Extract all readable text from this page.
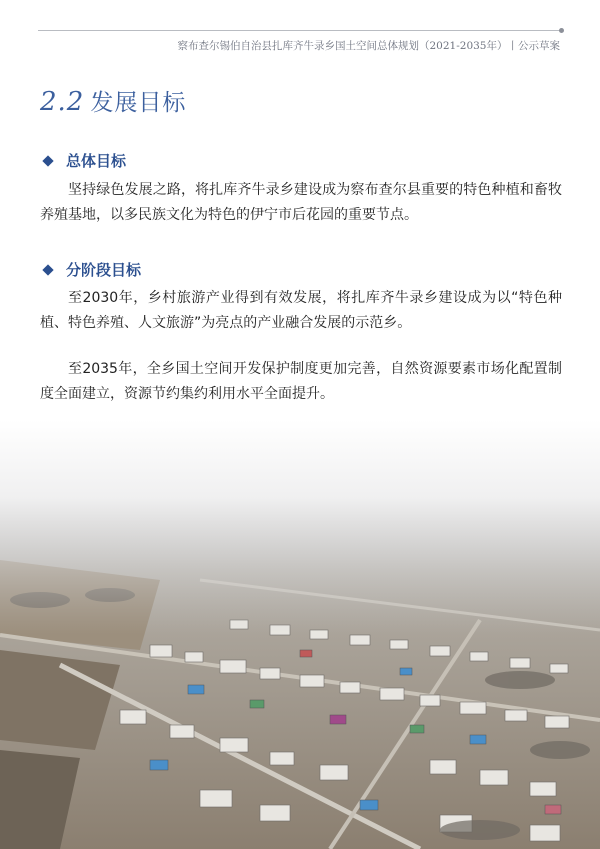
察布查尔锡伯自治县扎库齐牛录乡国土空间总体规划（2021-2035年）丨公示草案
2.2 发展目标
总体目标

坚持绿色发展之路，将扎库齐牛录乡建设成为察布查尔县重要的特色种植和畜牧养殖基地，以多民族文化为特色的伊宁市后花园的重要节点。

分阶段目标

至2030年，乡村旅游产业得到有效发展，将扎库齐牛录乡建设成为以“特色种植、特色养殖、人文旅游”为亮点的产业融合发展的示范乡。

至2035年，全乡国土空间开发保护制度更加完善，自然资源要素市场化配置制度全面建立，资源节约集约利用水平全面提升。
